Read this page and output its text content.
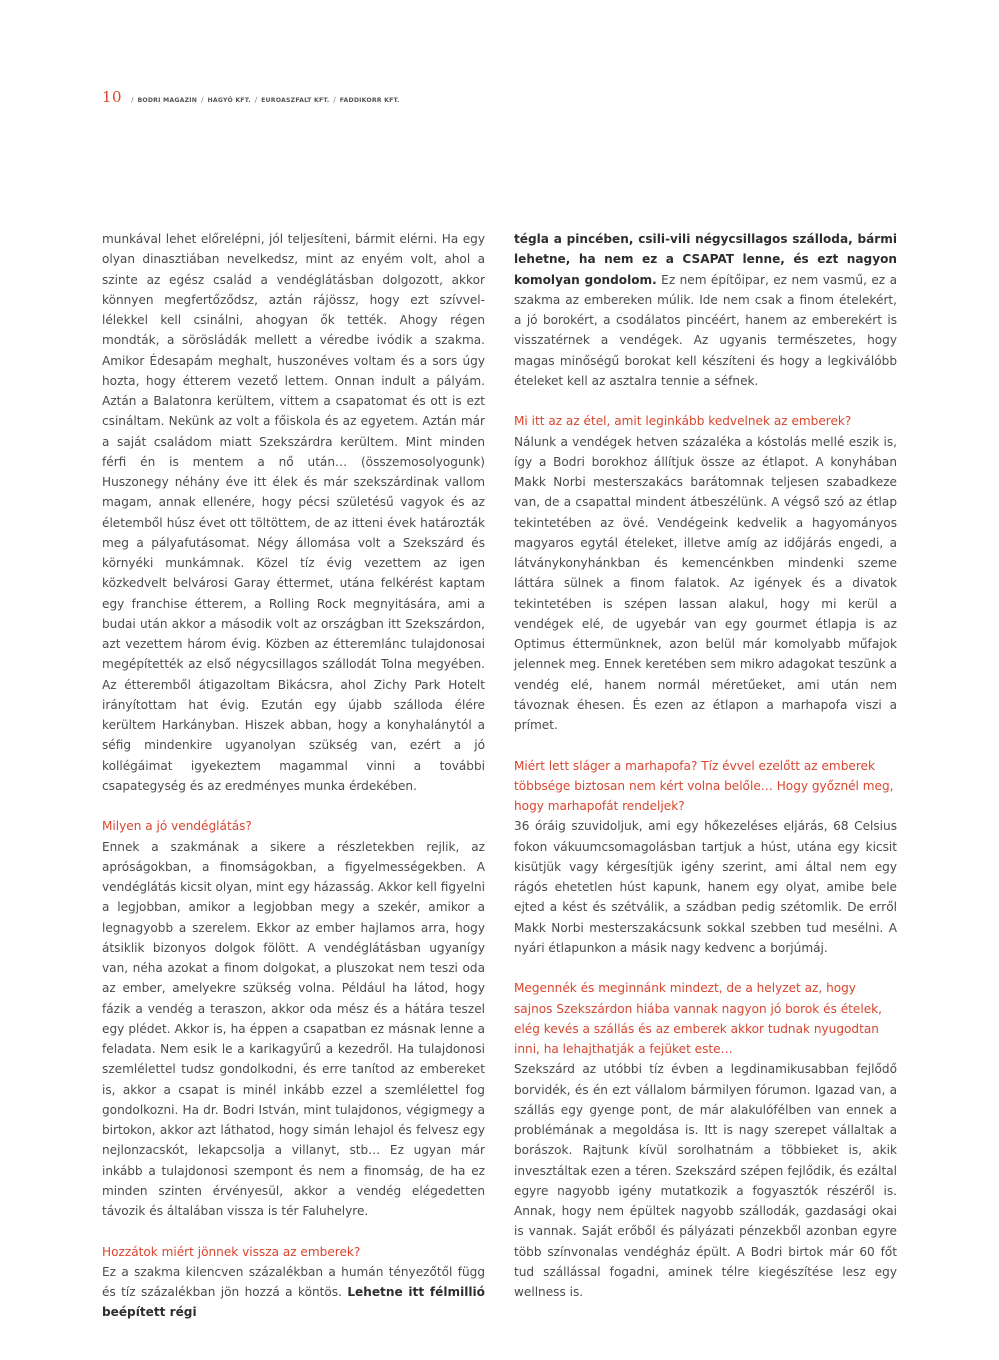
10 / BODRI MAGAZIN / HAGYÓ KFT. / EUROASZFALT KFT. / FADDIKORR KFT.

munkával lehet előrelépni, jól teljesíteni, bármit elérni. Ha egy olyan dinasztiában nevelkedsz, mint az enyém volt, ahol a szinte az egész család a vendéglátásban dolgozott, akkor könnyen megfertőződsz, aztán rájössz, hogy ezt szívvel-lélekkel kell csinálni, ahogyan ők tették. Ahogy régen mondták, a sörösládák mellett a véredbe ivódik a szakma. Amikor Édesapám meghalt, huszonéves voltam és a sors úgy hozta, hogy étterem vezető lettem. Onnan indult a pályám. Aztán a Balatonra kerültem, vittem a csapatomat és ott is ezt csináltam. Nekünk az volt a főiskola és az egyetem. Aztán már a saját családom miatt Szekszárdra kerültem. Mint minden férfi én is mentem a nő után… (összemosolyogunk) Huszonegy néhány éve itt élek és már szekszárdinak vallom magam, annak ellenére, hogy pécsi születésű vagyok és az életemből húsz évet ott töltöttem, de az itteni évek határozták meg a pályafutásomat. Négy állomása volt a Szekszárd és környéki munkámnak. Közel tíz évig vezettem az igen közkedvelt belvárosi Garay éttermet, utána felkérést kaptam egy franchise étterem, a Rolling Rock megnyitására, ami a budai után akkor a második volt az országban itt Szekszárdon, azt vezettem három évig. Közben az étteremlánc tulajdonosai megépítették az első négycsillagos szállodát Tolna megyében. Az étteremből átigazoltam Bikácsra, ahol Zichy Park Hotelt irányítottam hat évig. Ezután egy újabb szálloda élére kerültem Harkányban. Hiszek abban, hogy a konyhalánytól a séfig mindenkire ugyanolyan szükség van, ezért a jó kollégáimat igyekeztem magammal vinni a további csapategység és az eredményes munka érdekében.

Milyen a jó vendéglátás?

Ennek a szakmának a sikere a részletekben rejlik, az apróságokban, a finomságokban, a figyelmességekben. A vendéglátás kicsit olyan, mint egy házasság. Akkor kell figyelni a legjobban, amikor a legjobban megy a szekér, amikor a legnagyobb a szerelem. Ekkor az ember hajlamos arra, hogy átsiklik bizonyos dolgok fölött. A vendéglátásban ugyanígy van, néha azokat a finom dolgokat, a pluszokat nem teszi oda az ember, amelyekre szükség volna. Például ha látod, hogy fázik a vendég a teraszon, akkor oda mész és a hátára teszel egy plédet. Akkor is, ha éppen a csapatban ez másnak lenne a feladata. Nem esik le a karikagyűrű a kezedről. Ha tulajdonosi szemlélettel tudsz gondolkodni, és erre tanítod az embereket is, akkor a csapat is minél inkább ezzel a szemlélettel fog gondolkozni. Ha dr. Bodri István, mint tulajdonos, végigmegy a birtokon, akkor azt láthatod, hogy simán lehajol és felvesz egy nejlonzacskót, lekapcsolja a villanyt, stb… Ez ugyan már inkább a tulajdonosi szempont és nem a finomság, de ha ez minden szinten érvényesül, akkor a vendég elégedetten távozik és általában vissza is tér Faluhelyre.

Hozzátok miért jönnek vissza az emberek?

Ez a szakma kilencven százalékban a humán tényezőtől függ és tíz százalékban jön hozzá a köntös. Lehetne itt félmillió beépített régi

tégla a pincében, csili-vili négycsillagos szálloda, bármi lehetne, ha nem ez a CSAPAT lenne, és ezt nagyon komolyan gondolom. Ez nem építőipar, ez nem vasmű, ez a szakma az embereken múlik. Ide nem csak a finom ételekért, a jó borokért, a csodálatos pincéért, hanem az emberekért is visszatérnek a vendégek. Az ugyanis természetes, hogy magas minőségű borokat kell készíteni és hogy a legkiválóbb ételeket kell az asztalra tennie a séfnek.

Mi itt az az étel, amit leginkább kedvelnek az emberek?

Nálunk a vendégek hetven százaléka a kóstolás mellé eszik is, így a Bodri borokhoz állítjuk össze az étlapot. A konyhában Makk Norbi mesterszakács barátomnak teljesen szabadkeze van, de a csapattal mindent átbeszélünk. A végső szó az étlap tekintetében az övé. Vendégeink kedvelik a hagyományos magyaros egytál ételeket, illetve amíg az időjárás engedi, a látványkonyhánkban és kemencénkben mindenki szeme láttára sülnek a finom falatok. Az igények és a divatok tekintetében is szépen lassan alakul, hogy mi kerül a vendégek elé, de ugyebár van egy gourmet étlapja is az Optimus éttermünknek, azon belül már komolyabb műfajok jelennek meg. Ennek keretében sem mikro adagokat teszünk a vendég elé, hanem normál méretűeket, ami után nem távoznak éhesen. És ezen az étlapon a marhapofa viszi a prímet.

Miért lett sláger a marhapofa? Tíz évvel ezelőtt az emberek többsége biztosan nem kért volna belőle… Hogy győznél meg, hogy marhapofát rendeljek?

36 óráig szuvidoljuk, ami egy hőkezeléses eljárás, 68 Celsius fokon vákuumcsomagolásban tartjuk a húst, utána egy kicsit kisütjük vagy kérgesítjük igény szerint, ami által nem egy rágós ehetetlen húst kapunk, hanem egy olyat, amibe bele ejted a kést és szétválik, a szádban pedig szétomlik. De erről Makk Norbi mesterszakácsunk sokkal szebben tud mesélni. A nyári étlapunkon a másik nagy kedvenc a borjúmáj.

Megennék és meginnánk mindezt, de a helyzet az, hogy sajnos Szekszárdon hiába vannak nagyon jó borok és ételek, elég kevés a szállás és az emberek akkor tudnak nyugodtan inni, ha lehajthatják a fejüket este…

Szekszárd az utóbbi tíz évben a legdinamikusabban fejlődő borvidék, és én ezt vállalom bármilyen fórumon. Igazad van, a szállás egy gyenge pont, de már alakulófélben van ennek a problémának a megoldása is. Itt is nagy szerepet vállaltak a borászok. Rajtunk kívül sorolhatnám a többieket is, akik invesztáltak ezen a téren. Szekszárd szépen fejlődik, és ezáltal egyre nagyobb igény mutatkozik a fogyasztók részéről is. Annak, hogy nem épültek nagyobb szállodák, gazdasági okai is vannak. Saját erőből és pályázati pénzekből azonban egyre több színvonalas vendégház épült. A Bodri birtok már 60 főt tud szállással fogadni, aminek télre kiegészítése lesz egy wellness is.
